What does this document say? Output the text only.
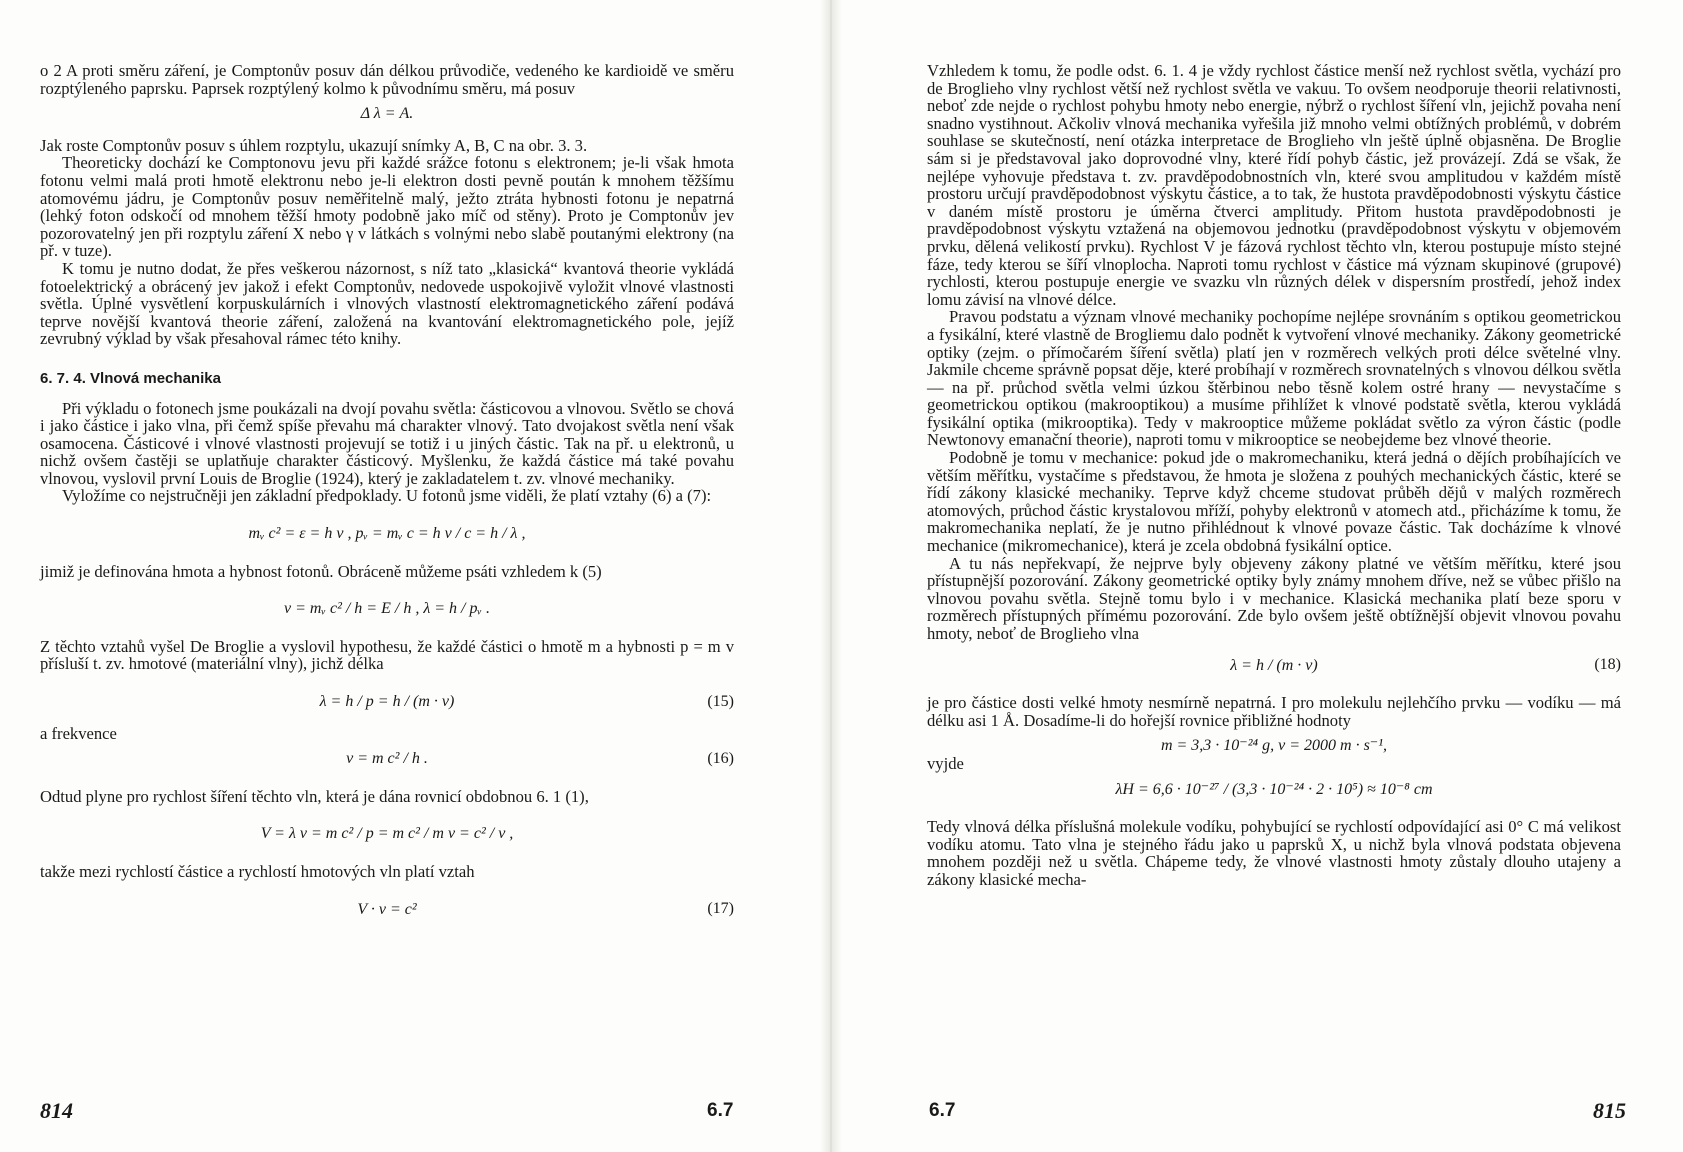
o 2 A proti směru záření, je Comptonův posuv dán délkou průvodiče, vedeného ke kardioidě ve směru rozptýleného paprsku. Paprsek rozptýlený kolmo k původnímu směru, má posuv

Δ λ = A.

Jak roste Comptonův posuv s úhlem rozptylu, ukazují snímky A, B, C na obr. 3. 3.

Theoreticky dochází ke Comptonovu jevu při každé srážce fotonu s elektronem; je-li však hmota fotonu velmi malá proti hmotě elektronu nebo je-li elektron dosti pevně poután k mnohem těžšímu atomovému jádru, je Comptonův posuv neměřitelně malý, ježto ztráta hybnosti fotonu je nepatrná (lehký foton odskočí od mnohem těžší hmoty podobně jako míč od stěny). Proto je Comptonův jev pozorovatelný jen při rozptylu záření X nebo γ v látkách s volnými nebo slabě poutanými elektrony (na př. v tuze).

K tomu je nutno dodat, že přes veškerou názornost, s níž tato „klasická“ kvantová theorie vykládá fotoelektrický a obrácený jev jakož i efekt Comptonův, nedovede uspokojivě vyložit vlnové vlastnosti světla. Úplné vysvětlení korpuskulárních i vlnových vlastností elektromagnetického záření podává teprve novější kvantová theorie záření, založená na kvantování elektromagnetického pole, jejíž zevrubný výklad by však přesahoval rámec této knihy.

6. 7. 4. Vlnová mechanika

Při výkladu o fotonech jsme poukázali na dvojí povahu světla: částicovou a vlnovou. Světlo se chová i jako částice i jako vlna, při čemž spíše převahu má charakter vlnový. Tato dvojakost světla není však osamocena. Částicové i vlnové vlastnosti projevují se totiž i u jiných částic. Tak na př. u elektronů, u nichž ovšem častěji se uplatňuje charakter částicový. Myšlenku, že každá částice má také povahu vlnovou, vyslovil první Louis de Broglie (1924), který je zakladatelem t. zv. vlnové mechaniky.

Vyložíme co nejstručněji jen základní předpoklady. U fotonů jsme viděli, že platí vztahy (6) a (7):

mᵥ c² = ε = h ν , pᵥ = mᵥ c = h ν / c = h / λ ,

jimiž je definována hmota a hybnost fotonů. Obráceně můžeme psáti vzhledem k (5)

ν = mᵥ c² / h = E / h , λ = h / pᵥ .

Z těchto vztahů vyšel De Broglie a vyslovil hypothesu, že každé částici o hmotě m a hybnosti p = m v přísluší t. zv. hmotové (materiální vlny), jichž délka

λ = h / p = h / (m · v)	(15)

a frekvence

ν = m c² / h .	(16)

Odtud plyne pro rychlost šíření těchto vln, která je dána rovnicí obdobnou 6. 1 (1),

V = λ ν = m c² / p = m c² / m v = c² / v ,

takže mezi rychlostí částice a rychlostí hmotových vln platí vztah

V · v = c²	(17)
814	6.7

Vzhledem k tomu, že podle odst. 6. 1. 4 je vždy rychlost částice menší než rychlost světla, vychází pro de Broglieho vlny rychlost větší než rychlost světla ve vakuu. To ovšem neodporuje theorii relativnosti, neboť zde nejde o rychlost pohybu hmoty nebo energie, nýbrž o rychlost šíření vln, jejichž povaha není snadno vystihnout. Ačkoliv vlnová mechanika vyřešila již mnoho velmi obtížných problémů, v dobrém souhlase se skutečností, není otázka interpretace de Broglieho vln ještě úplně objasněna. De Broglie sám si je představoval jako doprovodné vlny, které řídí pohyb částic, jež provázejí. Zdá se však, že nejlépe vyhovuje představa t. zv. pravděpodobnostních vln, které svou amplitudou v každém místě prostoru určují pravděpodobnost výskytu částice, a to tak, že hustota pravděpodobnosti výskytu částice v daném místě prostoru je úměrna čtverci amplitudy. Přitom hustota pravděpodobnosti je pravděpodobnost výskytu vztažená na objemovou jednotku (pravděpodobnost výskytu v objemovém prvku, dělená velikostí prvku). Rychlost V je fázová rychlost těchto vln, kterou postupuje místo stejné fáze, tedy kterou se šíří vlnoplocha. Naproti tomu rychlost v částice má význam skupinové (grupové) rychlosti, kterou postupuje energie ve svazku vln různých délek v dispersním prostředí, jehož index lomu závisí na vlnové délce.

Pravou podstatu a význam vlnové mechaniky pochopíme nejlépe srovnáním s optikou geometrickou a fysikální, které vlastně de Brogliemu dalo podnět k vytvoření vlnové mechaniky. Zákony geometrické optiky (zejm. o přímočarém šíření světla) platí jen v rozměrech velkých proti délce světelné vlny. Jakmile chceme správně popsat děje, které probíhají v rozměrech srovnatelných s vlnovou délkou světla — na př. průchod světla velmi úzkou štěrbinou nebo těsně kolem ostré hrany — nevystačíme s geometrickou optikou (makrooptikou) a musíme přihlížet k vlnové podstatě světla, kterou vykládá fysikální optika (mikrooptika). Tedy v makrooptice můžeme pokládat světlo za výron částic (podle Newtonovy emanační theorie), naproti tomu v mikrooptice se neobejdeme bez vlnové theorie.

Podobně je tomu v mechanice: pokud jde o makromechaniku, která jedná o dějích probíhajících ve větším měřítku, vystačíme s představou, že hmota je složena z pouhých mechanických částic, které se řídí zákony klasické mechaniky. Teprve když chceme studovat průběh dějů v malých rozměrech atomových, průchod částic krystalovou mříží, pohyby elektronů v atomech atd., přicházíme k tomu, že makromechanika neplatí, že je nutno přihlédnout k vlnové povaze částic. Tak docházíme k vlnové mechanice (mikromechanice), která je zcela obdobná fysikální optice.

A tu nás nepřekvapí, že nejprve byly objeveny zákony platné ve větším měřítku, které jsou přístupnější pozorování. Zákony geometrické optiky byly známy mnohem dříve, než se vůbec přišlo na vlnovou povahu světla. Stejně tomu bylo i v mechanice. Klasická mechanika platí beze sporu v rozměrech přístupných přímému pozorování. Zde bylo ovšem ještě obtížnější objevit vlnovou povahu hmoty, neboť de Broglieho vlna

λ = h / (m · v)	(18)

je pro částice dosti velké hmoty nesmírně nepatrná. I pro molekulu nejlehčího prvku — vodíku — má délku asi 1 Å. Dosadíme-li do hořejší rovnice přibližné hodnoty

m = 3,3 · 10⁻²⁴ g, v = 2000 m · s⁻¹,

vyjde

λH = 6,6 · 10⁻²⁷ / (3,3 · 10⁻²⁴ · 2 · 10⁵) ≈ 10⁻⁸ cm

Tedy vlnová délka příslušná molekule vodíku, pohybující se rychlostí odpovídající asi 0° C má velikost vodíku atomu. Tato vlna je stejného řádu jako u paprsků X, u nichž byla vlnová podstata objevena mnohem později než u světla. Chápeme tedy, že vlnové vlastnosti hmoty zůstaly dlouho utajeny a zákony klasické mecha-

6.7	815
